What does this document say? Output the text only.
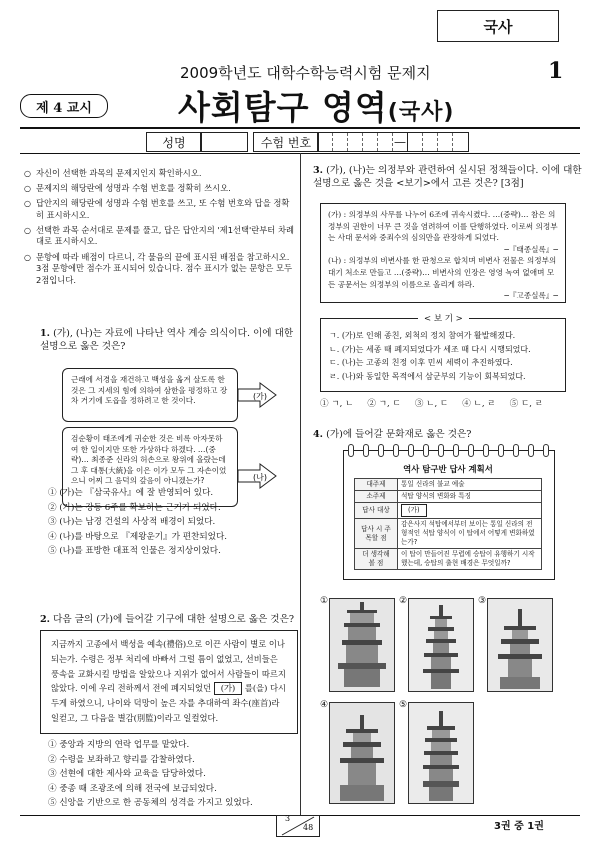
국사
2009학년도 대학수학능력시험 문제지	1
제 4 교시	사회탐구 영역(국사)
성명	수험 번호	—
○ 자신이 선택한 과목의 문제지인지 확인하시오.
○ 문제지의 해당란에 성명과 수험 번호를 정확히 쓰시오.
○ 답안지의 해당란에 성명과 수험 번호를 쓰고, 또 수험 번호와 답을 정확히 표시하시오.
○ 선택한 과목 순서대로 문제를 풀고, 답은 답안지의 '제1선택'란부터 차례대로 표시하시오.
○ 문항에 따라 배점이 다르니, 각 물음의 끝에 표시된 배점을 참고하시오. 3점 문항에만 점수가 표시되어 있습니다. 점수 표시가 없는 문항은 모두 2점입니다.
1. (가), (나)는 자료에 나타난 역사 계승 의식이다. 이에 대한 설명으로 옳은 것은?
근래에 서경을 재건하고 백성을 옮겨 살도록 한 것은 그 지세의 힘에 의하여 삼한을 평정하고 장차 거기에 도읍을 정하려고 한 것이다.
검순황이 태조에게 귀순한 것은 비록 아자못하여 한 일이지만 또한 가상하다 하겠다. …(중략)… 최종준 신라의 허손으로 왕위에 올랐는데 그 후 대통(大統)을 이은 이가 모두 그 자손이었으니 어찌 그 음덕의 갚음이 아니겠는가?
(가)
(나)
① (가)는 『삼국유사』에 잘 반영되어 있다.
② (가)는 강동 6주를 확보하는 근거가 되었다.
③ (나)는 남경 건설의 사상적 배경이 되었다.
④ (나)를 바탕으로 『제왕운기』가 편찬되었다.
⑤ (나)를 표방한 대표적 인물은 정지상이었다.
2. 다음 글의 (가)에 들어갈 기구에 대한 설명으로 옳은 것은?
지금까지 고종에서 백성을 예속(禮俗)으로 이끈 사람이 별로 이나 되는가. 수령은 정부 처리에 바빠서 그럴 틈이 없었고, 선비들은 풍속을 교화시킬 방법을 알았으나 지위가 없어서 사람들이 따르지 않았다. 이에 우리 전하께서 전에 폐지되었던 (가) 를(을) 다시 두게 하였으니, 나이와 덕망이 높은 자를 추대하여 좌수(座首)라 일컫고, 그 다음을 별감(別監)이라고 일컬었다.
① 중앙과 지방의 연락 업무를 맡았다.
② 수령을 보좌하고 향리를 감찰하였다.
③ 선현에 대한 제사와 교육을 담당하였다.
④ 중종 때 조광조에 의해 전국에 보급되었다.
⑤ 신앙을 기반으로 한 공동체의 성격을 가지고 있었다.
3. (가), (나)는 의정부와 관련하여 실시된 정책들이다. 이에 대한 설명으로 옳은 것을 <보기>에서 고른 것은? [3점]
(가) : 의정부의 사무를 나누어 6조에 귀속시켰다. …(중략)… 참은 의정부의 권한이 너무 큰 것을 염려하여 이를 단행하였다. 이로써 의정부는 사대 문서와 중죄수의 심의만을 관장하게 되었다.
─『태종실록』─
(나) : 의정부의 비변사를 한 판청으로 합치며 비변사 전물은 의정부의 대기 처소로 만들고 …(중략)… 비변사의 인장은 영영 녹여 없애며 모든 공문서는 의정부의 이름으로 올리게 하라.
─『고종실록』─
ㄱ. (가)로 인해 종친, 외척의 정치 참여가 활발해졌다.
ㄴ. (가)는 세종 때 폐지되었다가 세조 때 다시 시행되었다.
ㄷ. (나)는 고종의 친정 이후 민씨 세력이 추진하였다.
ㄹ. (나)와 동일한 목적에서 삼군부의 기능이 회복되었다.
< 보 기 >
① ㄱ, ㄴ ② ㄱ, ㄷ ③ ㄴ, ㄷ ④ ㄴ, ㄹ ⑤ ㄷ, ㄹ
4. (가)에 들어갈 문화재로 옳은 것은?
역사 탐구반 답사 계획서
대주제	통일 신라의 불교 예술
소주제	석탑 양식의 변화와 특징
답사 대상	(가)
답사 시 주목할 점	감은사지 석탑에서부터 보이는 통일 신라의 전형적인 석탑 양식이 이 탑에서 어떻게 변화하였는가?
더 생각해 볼 점	이 탑이 만들어진 무렵에 승탑이 유행하기 시작했는데, 승탑의 출현 배경은 무엇일까?
①	②	③
④	⑤
3
48	3권 중 1권
